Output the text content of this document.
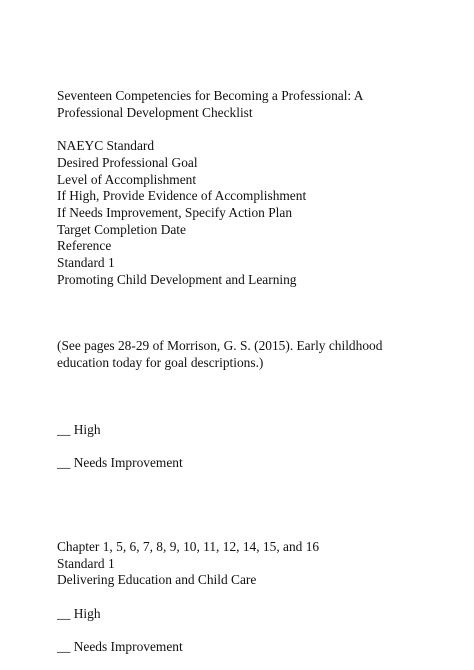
Seventeen Competencies for Becoming a Professional: A
Professional Development Checklist
NAEYC Standard
Desired Professional Goal
Level of Accomplishment
If High, Provide Evidence of Accomplishment
If Needs Improvement, Specify Action Plan
Target Completion Date
Reference
Standard 1
Promoting Child Development and Learning
(See pages 28-29 of Morrison, G. S. (2015). Early childhood
education today for goal descriptions.)
__ High
__ Needs Improvement
Chapter 1, 5, 6, 7, 8, 9, 10, 11, 12, 14, 15, and 16
Standard 1
Delivering Education and Child Care
__ High
__ Needs Improvement
